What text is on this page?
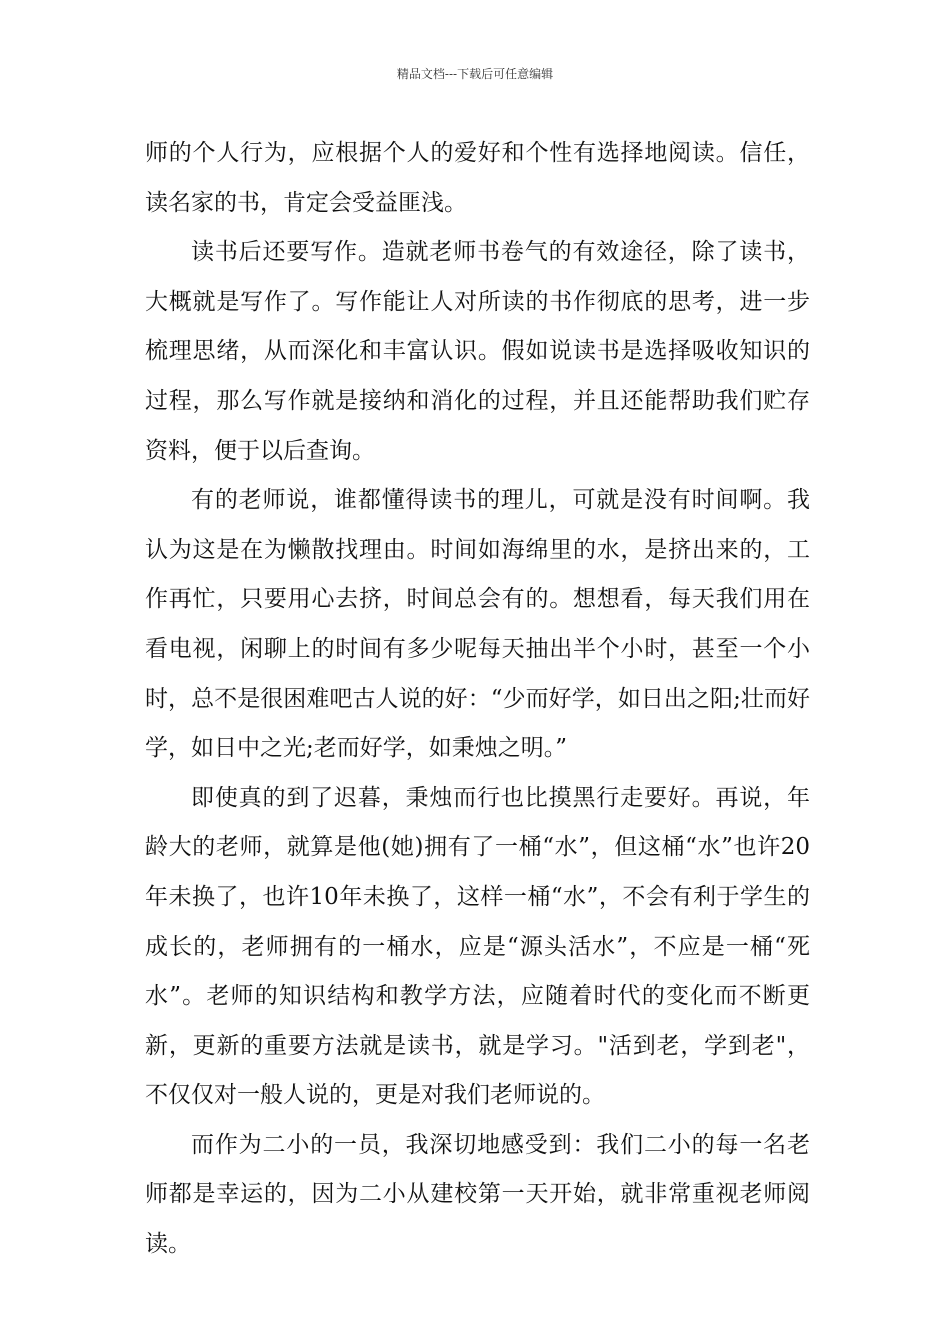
精品文档---下载后可任意编辑

师的个人行为，应根据个人的爱好和个性有选择地阅读。信任，读名家的书，肯定会受益匪浅。

读书后还要写作。造就老师书卷气的有效途径，除了读书，大概就是写作了。写作能让人对所读的书作彻底的思考，进一步梳理思绪，从而深化和丰富认识。假如说读书是选择吸收知识的过程，那么写作就是接纳和消化的过程，并且还能帮助我们贮存资料，便于以后查询。

有的老师说，谁都懂得读书的理儿，可就是没有时间啊。我认为这是在为懒散找理由。时间如海绵里的水，是挤出来的，工作再忙，只要用心去挤，时间总会有的。想想看，每天我们用在看电视，闲聊上的时间有多少呢每天抽出半个小时，甚至一个小时，总不是很困难吧古人说的好：“少而好学，如日出之阳;壮而好学，如日中之光;老而好学，如秉烛之明。”

即使真的到了迟暮，秉烛而行也比摸黑行走要好。再说，年龄大的老师，就算是他(她)拥有了一桶“水”，但这桶“水”也许20年未换了，也许10年未换了，这样一桶“水”，不会有利于学生的成长的，老师拥有的一桶水，应是“源头活水”，不应是一桶“死水”。老师的知识结构和教学方法，应随着时代的变化而不断更新，更新的重要方法就是读书，就是学习。"活到老，学到老"，不仅仅对一般人说的，更是对我们老师说的。

而作为二小的一员，我深切地感受到：我们二小的每一名老师都是幸运的，因为二小从建校第一天开始，就非常重视老师阅读。
